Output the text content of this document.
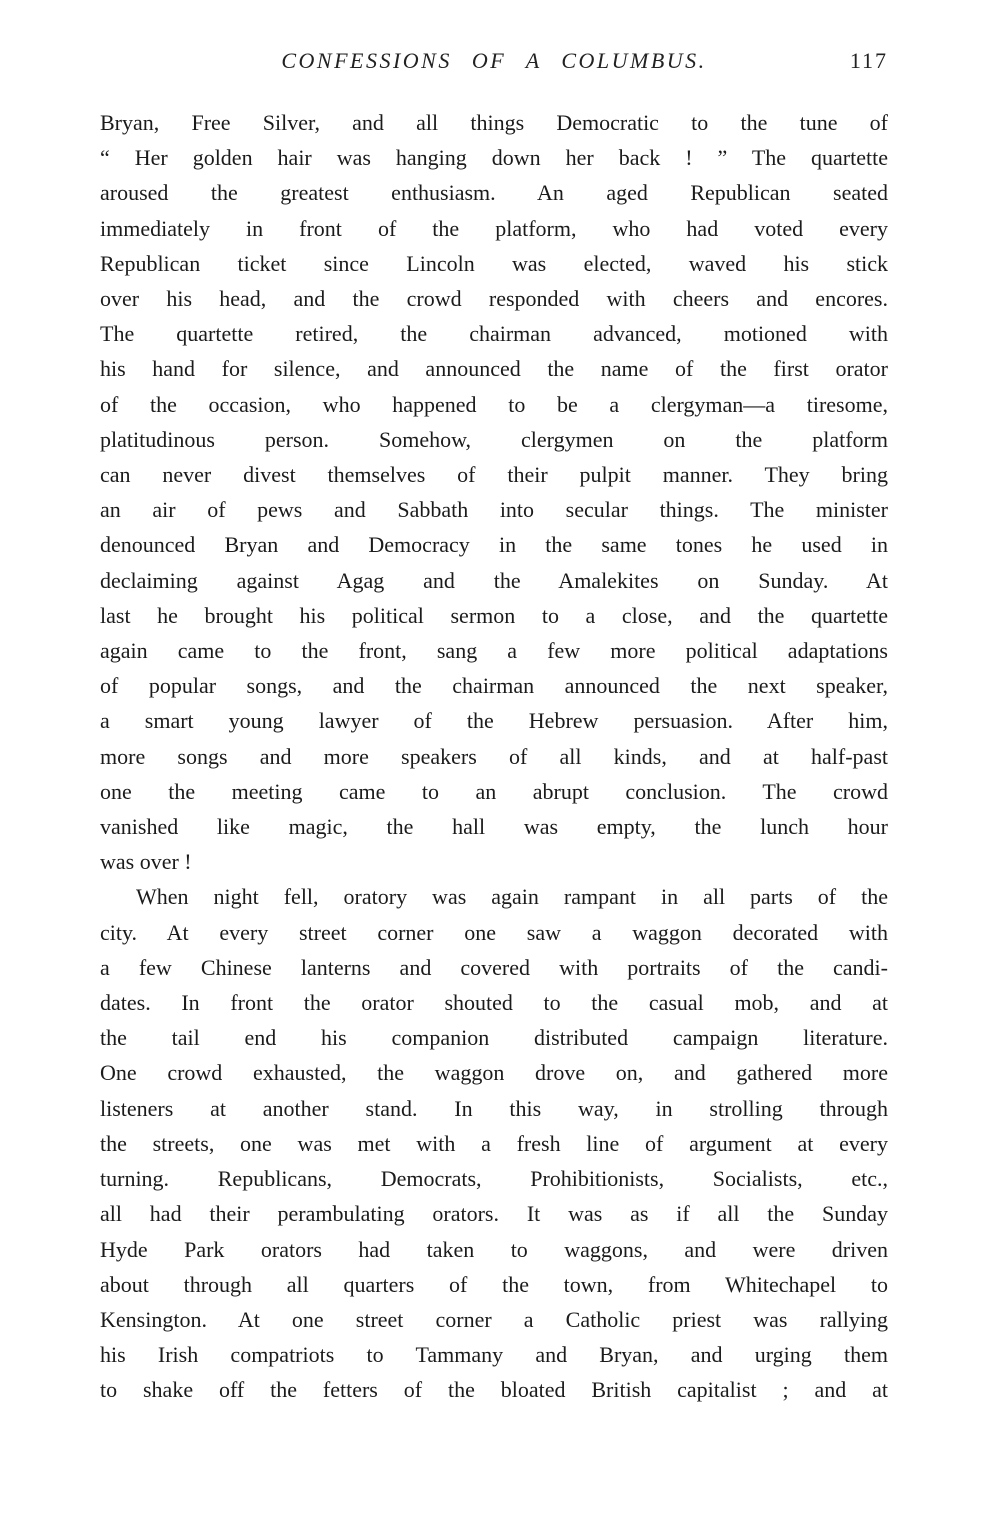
CONFESSIONS OF A COLUMBUS.	117
Bryan, Free Silver, and all things Democratic to the tune of
“ Her golden hair was hanging down her back ! ” The quartette
aroused the greatest enthusiasm. An aged Republican seated
immediately in front of the platform, who had voted every
Republican ticket since Lincoln was elected, waved his stick
over his head, and the crowd responded with cheers and encores.
The quartette retired, the chairman advanced, motioned with
his hand for silence, and announced the name of the first orator
of the occasion, who happened to be a clergyman—a tiresome,
platitudinous person. Somehow, clergymen on the platform
can never divest themselves of their pulpit manner. They bring
an air of pews and Sabbath into secular things. The minister
denounced Bryan and Democracy in the same tones he used in
declaiming against Agag and the Amalekites on Sunday. At
last he brought his political sermon to a close, and the quartette
again came to the front, sang a few more political adaptations
of popular songs, and the chairman announced the next speaker,
a smart young lawyer of the Hebrew persuasion. After him,
more songs and more speakers of all kinds, and at half-past
one the meeting came to an abrupt conclusion. The crowd
vanished like magic, the hall was empty, the lunch hour
was over !
When night fell, oratory was again rampant in all parts of the
city. At every street corner one saw a waggon decorated with
a few Chinese lanterns and covered with portraits of the candi-
dates. In front the orator shouted to the casual mob, and at
the tail end his companion distributed campaign literature.
One crowd exhausted, the waggon drove on, and gathered more
listeners at another stand. In this way, in strolling through
the streets, one was met with a fresh line of argument at every
turning. Republicans, Democrats, Prohibitionists, Socialists, etc.,
all had their perambulating orators. It was as if all the Sunday
Hyde Park orators had taken to waggons, and were driven
about through all quarters of the town, from Whitechapel to
Kensington. At one street corner a Catholic priest was rallying
his Irish compatriots to Tammany and Bryan, and urging them
to shake off the fetters of the bloated British capitalist ; and at
